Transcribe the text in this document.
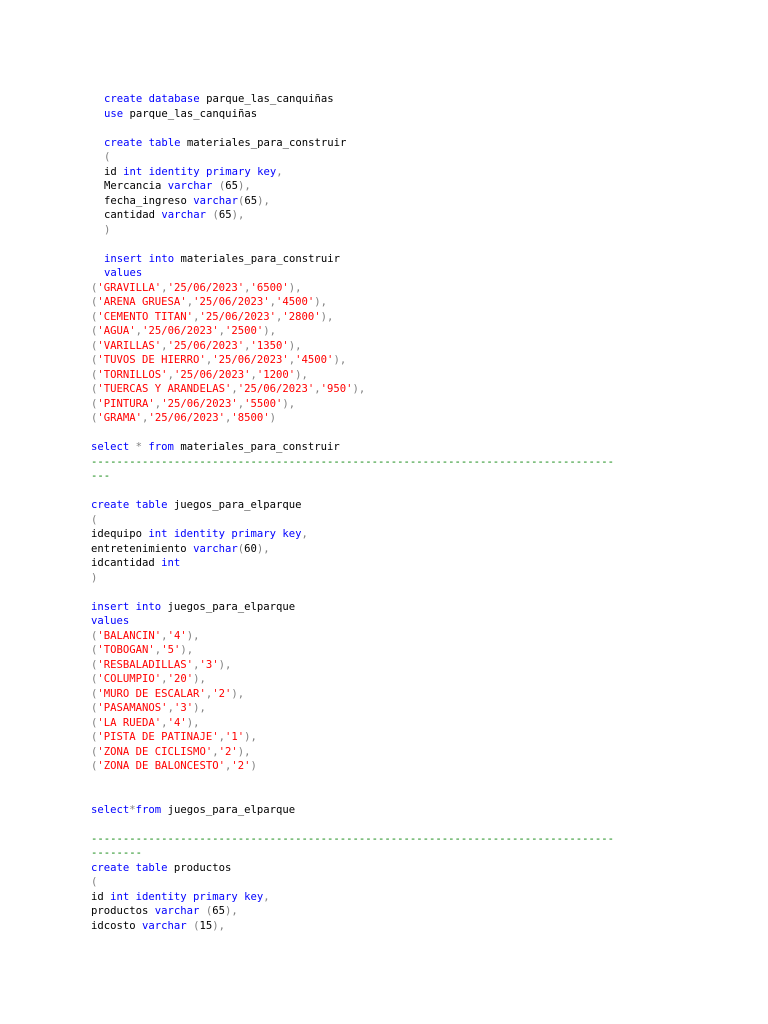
create database parque_las_canquiñas
use parque_las_canquiñas
create table materiales_para_construir
(
id int identity primary key,
Mercancia varchar (65),
fecha_ingreso varchar(65),
cantidad varchar (65),
)
insert into materiales_para_construir
values
('GRAVILLA','25/06/2023','6500'),
('ARENA GRUESA','25/06/2023','4500'),
('CEMENTO TITAN','25/06/2023','2800'),
('AGUA','25/06/2023','2500'),
('VARILLAS','25/06/2023','1350'),
('TUVOS DE HIERRO','25/06/2023','4500'),
('TORNILLOS','25/06/2023','1200'),
('TUERCAS Y ARANDELAS','25/06/2023','950'),
('PINTURA','25/06/2023','5500'),
('GRAMA','25/06/2023','8500')
select * from materiales_para_construir
----------------------------------------------------------------------------------
---
create table juegos_para_elparque
(
idequipo int identity primary key,
entretenimiento varchar(60),
idcantidad int
)
insert into juegos_para_elparque
values
('BALANCIN','4'),
('TOBOGAN','5'),
('RESBALADILLAS','3'),
('COLUMPIO','20'),
('MURO DE ESCALAR','2'),
('PASAMANOS','3'),
('LA RUEDA','4'),
('PISTA DE PATINAJE','1'),
('ZONA DE CICLISMO','2'),
('ZONA DE BALONCESTO','2')
select*from juegos_para_elparque
----------------------------------------------------------------------------------
--------
create table productos
(
id int identity primary key,
productos varchar (65),
idcosto varchar (15),
